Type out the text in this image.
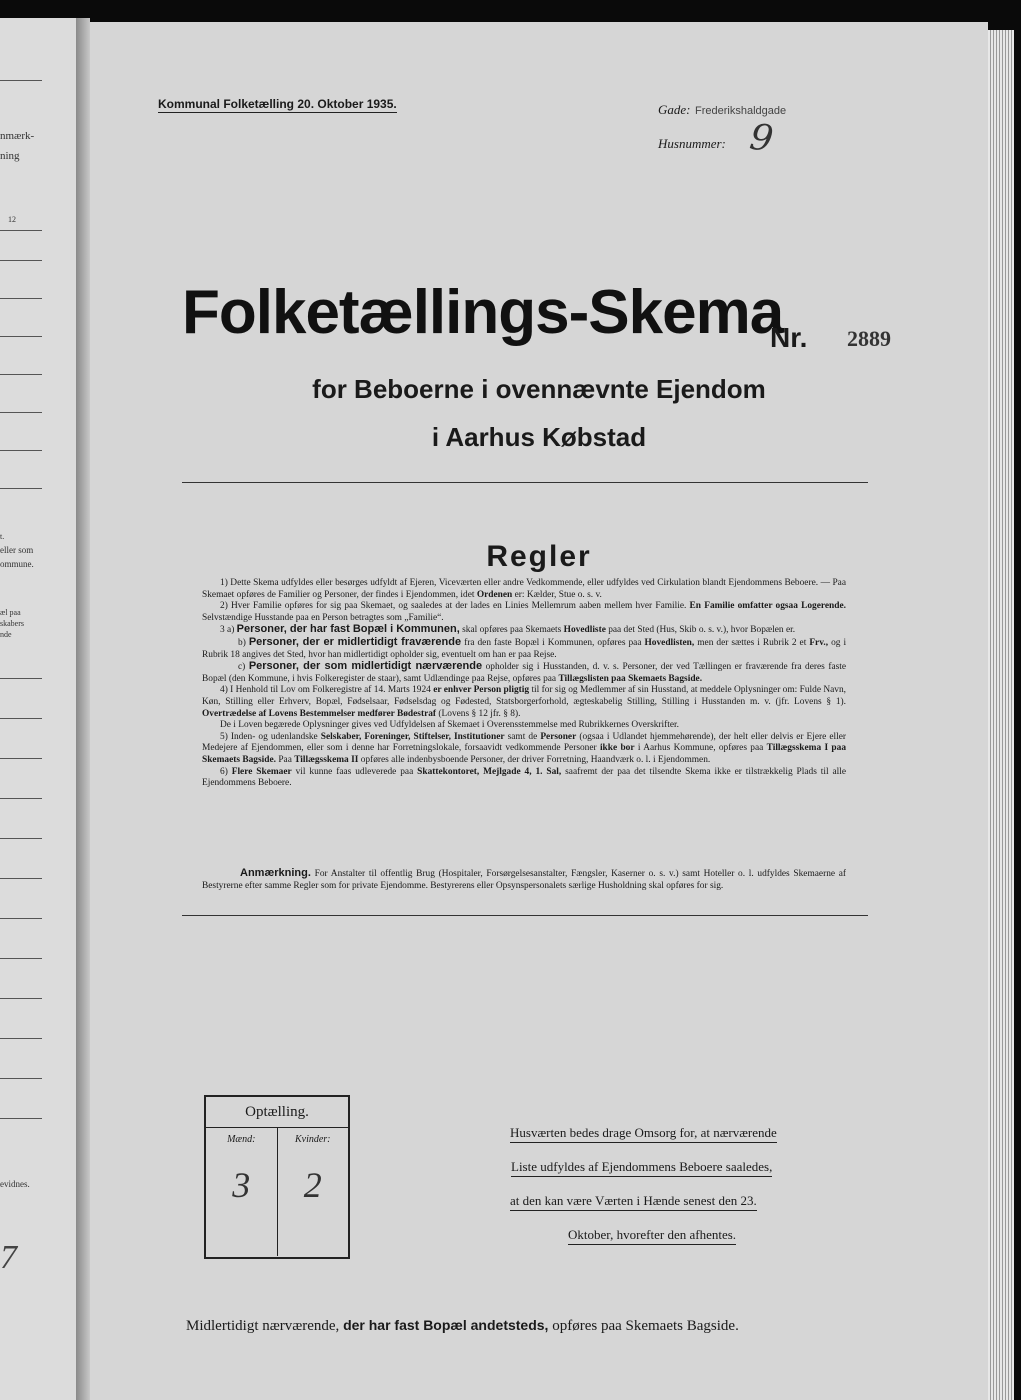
nmærk-
ning
12
t.
eller som
ommune.
æl paa
skabers
nde
evidnes.
7
Kommunal Folketælling 20. Oktober 1935.	Gade: Frederikshaldgade
Husnummer: 9
Folketællings-Skema
Nr. 2889
for Beboerne i ovennævnte Ejendom
i Aarhus Købstad
Regler

1) Dette Skema udfyldes eller besørges udfyldt af Ejeren, Viceværten eller andre Vedkommende, eller udfyldes ved Cirkulation blandt Ejendommens Beboere. — Paa Skemaet opføres de Familier og Personer, der findes i Ejendommen, idet Ordenen er: Kælder, Stue o. s. v.

2) Hver Familie opføres for sig paa Skemaet, og saaledes at der lades en Linies Mellemrum aaben mellem hver Familie. En Familie omfatter ogsaa Logerende. Selvstændige Husstande paa en Person betragtes som „Familie“.

3 a) Personer, der har fast Bopæl i Kommunen, skal opføres paa Skemaets Hovedliste paa det Sted (Hus, Skib o. s. v.), hvor Bopælen er.

b) Personer, der er midlertidigt fraværende fra den faste Bopæl i Kommunen, opføres paa Hovedlisten, men der sættes i Rubrik 2 et Frv., og i Rubrik 18 angives det Sted, hvor han midlertidigt opholder sig, eventuelt om han er paa Rejse.

c) Personer, der som midlertidigt nærværende opholder sig i Husstanden, d. v. s. Personer, der ved Tællingen er fraværende fra deres faste Bopæl (den Kommune, i hvis Folkeregister de staar), samt Udlændinge paa Rejse, opføres paa Tillægslisten paa Skemaets Bagside.

4) I Henhold til Lov om Folkeregistre af 14. Marts 1924 er enhver Person pligtig til for sig og Medlemmer af sin Husstand, at meddele Oplysninger om: Fulde Navn, Køn, Stilling eller Erhverv, Bopæl, Fødselsaar, Fødselsdag og Fødested, Statsborgerforhold, ægteskabelig Stilling, Stilling i Husstanden m. v. (jfr. Lovens § 1). Overtrædelse af Lovens Bestemmelser medfører Bødestraf (Lovens § 12 jfr. § 8).

De i Loven begærede Oplysninger gives ved Udfyldelsen af Skemaet i Overensstemmelse med Rubrikkernes Overskrifter.

5) Inden- og udenlandske Selskaber, Foreninger, Stiftelser, Institutioner samt de Personer (ogsaa i Udlandet hjemmehørende), der helt eller delvis er Ejere eller Medejere af Ejendommen, eller som i denne har Forretningslokale, forsaavidt vedkommende Personer ikke bor i Aarhus Kommune, opføres paa Tillægsskema I paa Skemaets Bagside. Paa Tillægsskema II opføres alle indenbysboende Personer, der driver Forretning, Haandværk o. l. i Ejendommen.

6) Flere Skemaer vil kunne faas udleverede paa Skattekontoret, Mejlgade 4, 1. Sal, saafremt der paa det tilsendte Skema ikke er tilstrækkelig Plads til alle Ejendommens Beboere.

Anmærkning. For Anstalter til offentlig Brug (Hospitaler, Forsørgelsesanstalter, Fængsler, Kaserner o. s. v.) samt Hoteller o. l. udfyldes Skemaerne af Bestyrerne efter samme Regler som for private Ejendomme. Bestyrerens eller Opsynspersonalets særlige Husholdning skal opføres for sig.

Optælling.
Mænd:
3
Kvinder:
2
Husværten bedes drage Omsorg for, at nærværende
Liste udfyldes af Ejendommens Beboere saaledes,
at den kan være Værten i Hænde senest den 23.
Oktober, hvorefter den afhentes.
Midlertidigt nærværende, der har fast Bopæl andetsteds, opføres paa Skemaets Bagside.
